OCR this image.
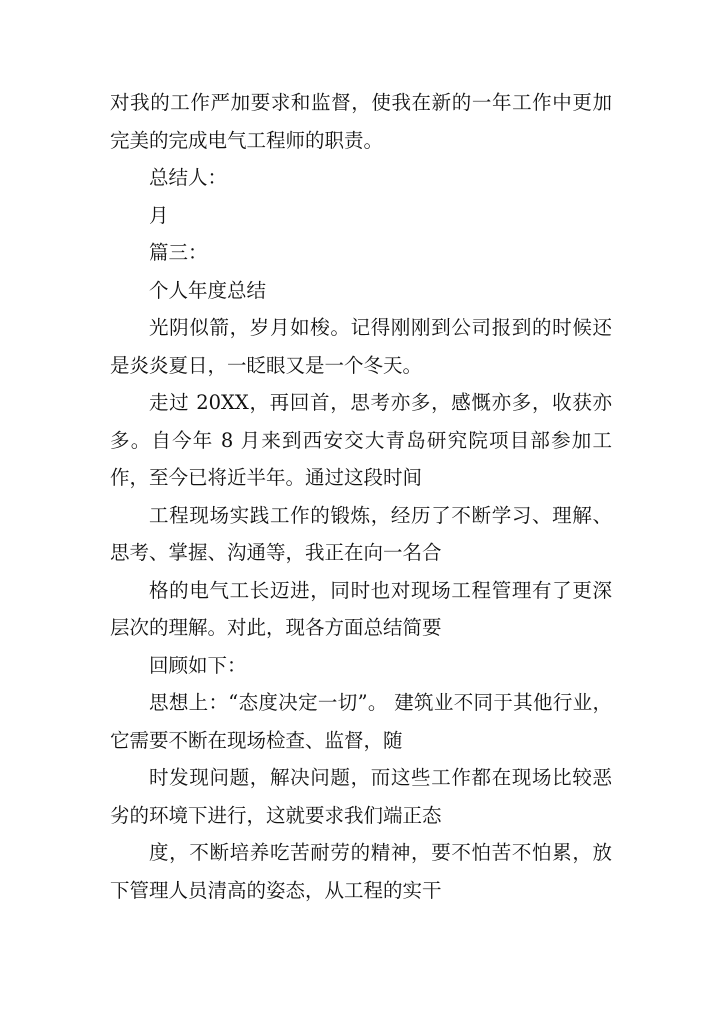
对我的工作严加要求和监督，使我在新的一年工作中更加完美的完成电气工程师的职责。

总结人：

月

篇三：

个人年度总结

光阴似箭，岁月如梭。记得刚刚到公司报到的时候还是炎炎夏日，一眨眼又是一个冬天。

走过 20XX，再回首，思考亦多，感慨亦多，收获亦多。自今年 8 月来到西安交大青岛研究院项目部参加工作，至今已将近半年。通过这段时间

工程现场实践工作的锻炼，经历了不断学习、理解、思考、掌握、沟通等，我正在向一名合

格的电气工长迈进，同时也对现场工程管理有了更深层次的理解。对此，现各方面总结简要

回顾如下：

思想上：“态度决定一切”。 建筑业不同于其他行业，它需要不断在现场检查、监督，随

时发现问题，解决问题，而这些工作都在现场比较恶劣的环境下进行，这就要求我们端正态

度，不断培养吃苦耐劳的精神，要不怕苦不怕累，放下管理人员清高的姿态，从工程的实干
